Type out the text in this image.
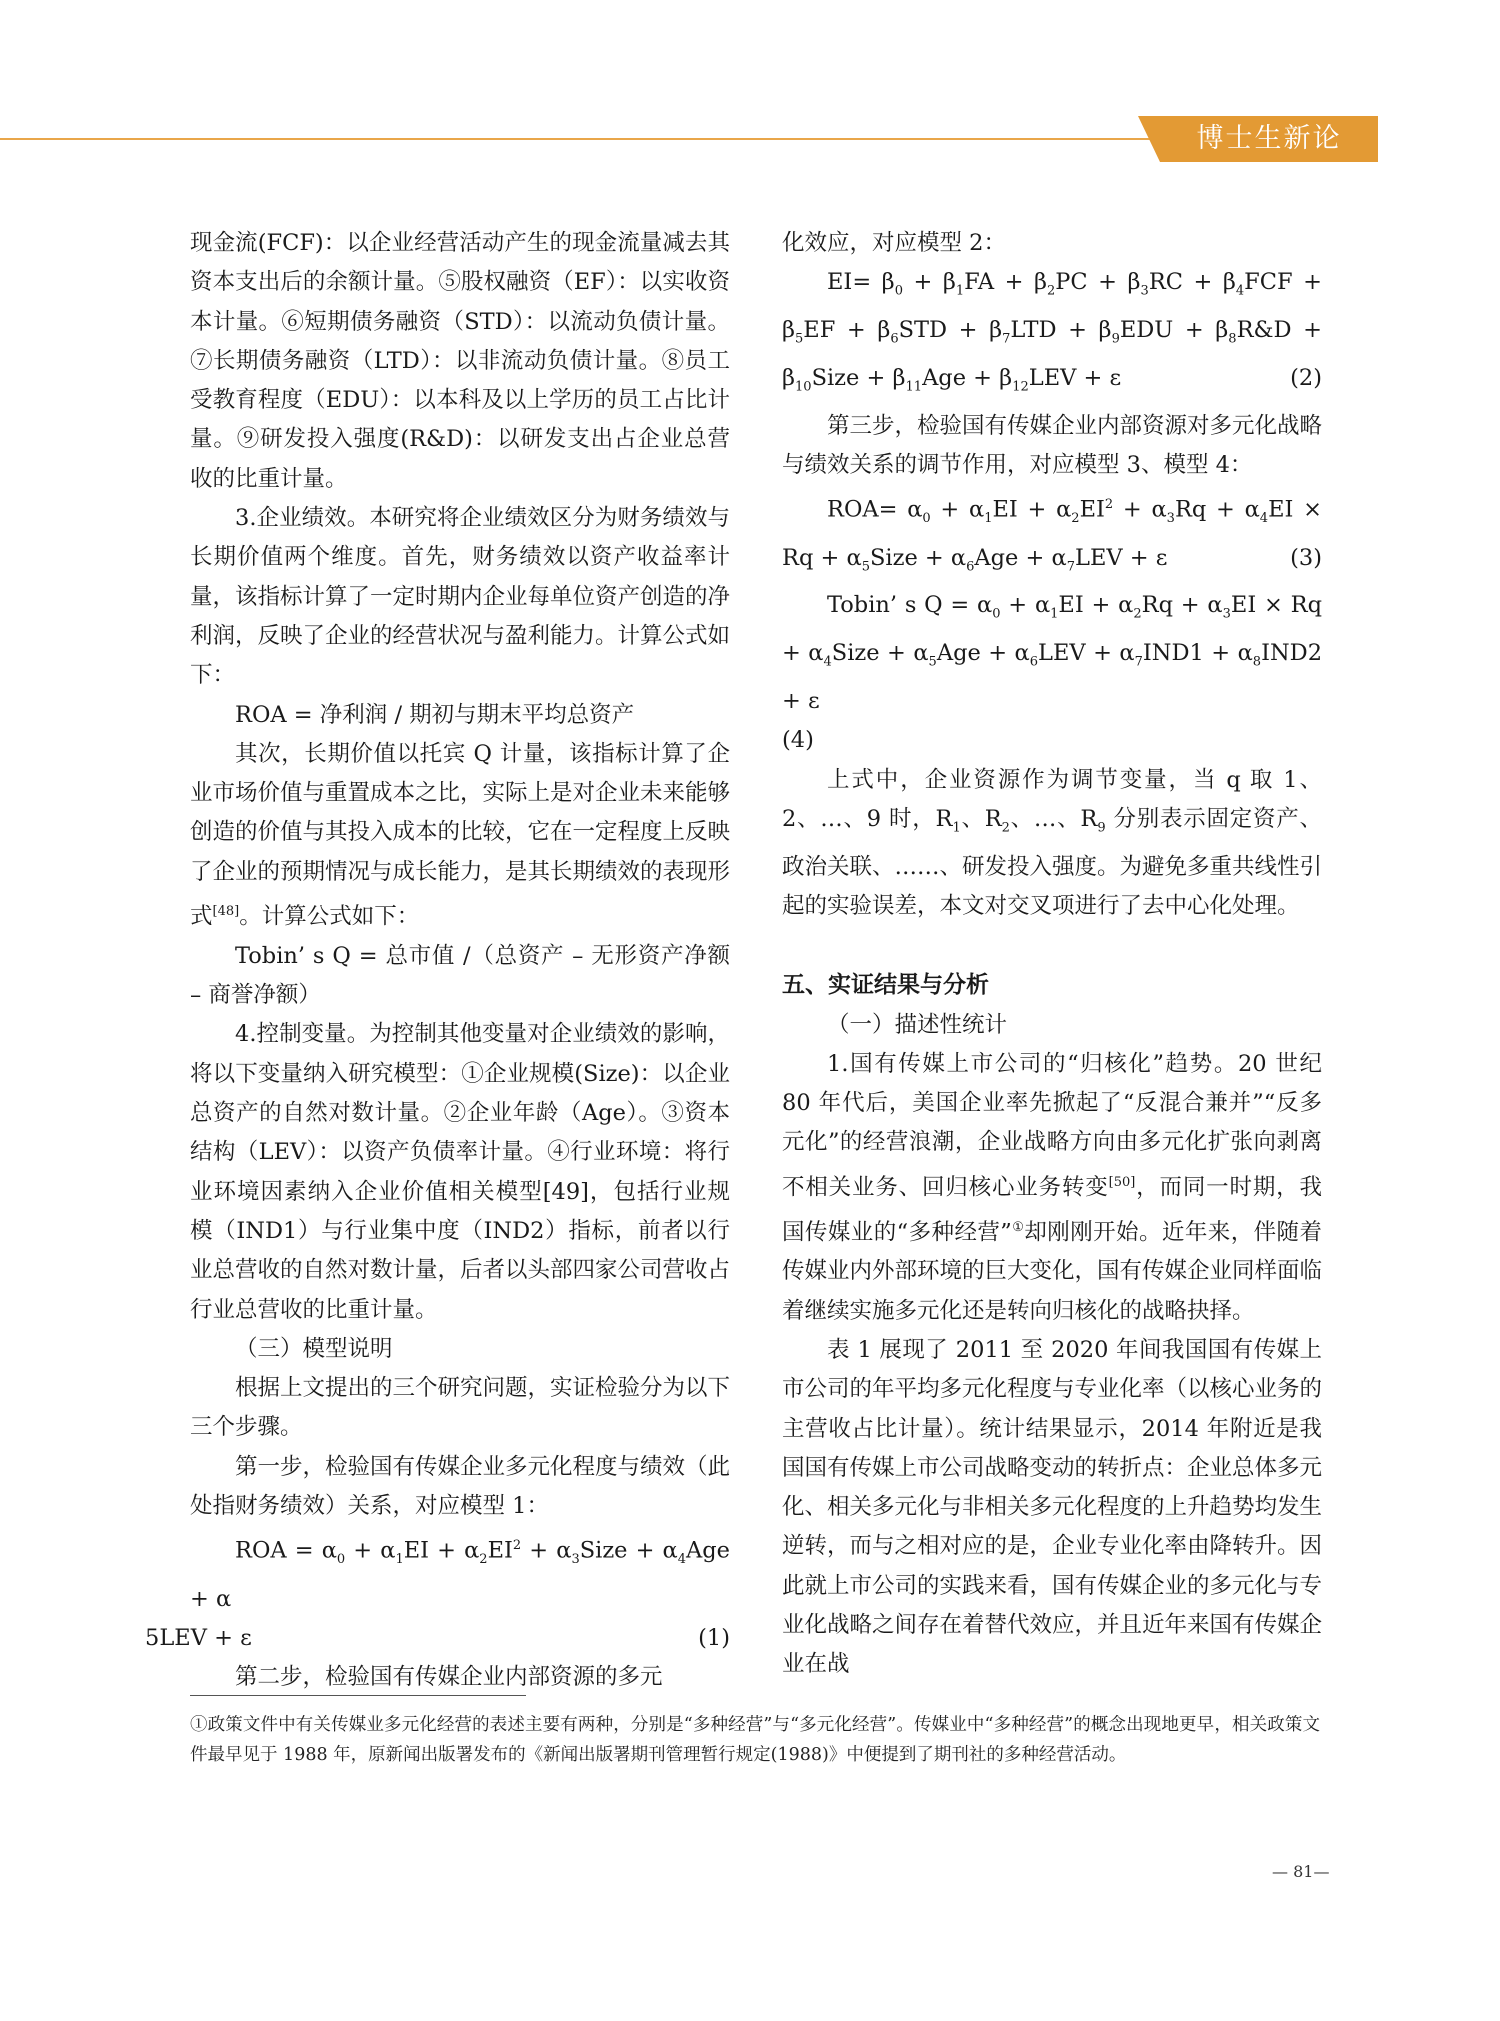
博士生新论

现金流(FCF)：以企业经营活动产生的现金流量减去其资本支出后的余额计量。⑤股权融资（EF）：以实收资本计量。⑥短期债务融资（STD）：以流动负债计量。⑦长期债务融资（LTD）：以非流动负债计量。⑧员工受教育程度（EDU）：以本科及以上学历的员工占比计量。⑨研发投入强度(R&D)：以研发支出占企业总营收的比重计量。

3.企业绩效。本研究将企业绩效区分为财务绩效与长期价值两个维度。首先，财务绩效以资产收益率计量，该指标计算了一定时期内企业每单位资产创造的净利润，反映了企业的经营状况与盈利能力。计算公式如下：

ROA = 净利润 / 期初与期末平均总资产

其次，长期价值以托宾 Q 计量，该指标计算了企业市场价值与重置成本之比，实际上是对企业未来能够创造的价值与其投入成本的比较，它在一定程度上反映了企业的预期情况与成长能力，是其长期绩效的表现形式[48]。计算公式如下：

Tobin’ s Q = 总市值 /（总资产 – 无形资产净额 – 商誉净额）

4.控制变量。为控制其他变量对企业绩效的影响，将以下变量纳入研究模型：①企业规模(Size)：以企业总资产的自然对数计量。②企业年龄（Age）。③资本结构（LEV）：以资产负债率计量。④行业环境：将行业环境因素纳入企业价值相关模型[49]，包括行业规模（IND1）与行业集中度（IND2）指标，前者以行业总营收的自然对数计量，后者以头部四家公司营收占行业总营收的比重计量。

（三）模型说明

根据上文提出的三个研究问题，实证检验分为以下三个步骤。

第一步，检验国有传媒企业多元化程度与绩效（此处指财务绩效）关系，对应模型 1：

ROA = $\alpha_0 + \alpha_1EI + \alpha_2EI^2$ + $\alpha_3Size + \alpha_4Age + \alpha$
5LEV + ε	(1)

第二步，检验国有传媒企业内部资源的多元

化效应，对应模型 2：

$EI= \beta_0 + \beta_1FA + \beta_2PC + \beta_3RC + \beta_4FCF + \beta_5EF + \beta_6STD + \beta_7LTD + \beta_9EDU$ + $\beta_8R\&D$ + $\beta_{10}Size + \beta_{11}Age + \beta_{12}LEV + \varepsilon$	(2)

第三步，检验国有传媒企业内部资源对多元化战略与绩效关系的调节作用，对应模型 3、模型 4：

$ROA= \alpha_0 + \alpha_1EI + \alpha_2EI^2 + \alpha_3Rq + \alpha_4EI \times Rq$ + $\alpha_5Size + \alpha_6Age + \alpha_7LEV + \varepsilon$	(3)

Tobin’ s $Q = \alpha_0 + \alpha_1EI + \alpha_2Rq + \alpha_3EI \times Rq$ + $\alpha_4Size + \alpha_5Age + \alpha_6LEV + \alpha_7IND1 + \alpha_8IND2 + \varepsilon$

(4)

上式中，企业资源作为调节变量，当 q 取 1、2、…、9 时，$R_1$、$R_2$、…、$R_9$ 分别表示固定资产、政治关联、……、研发投入强度。为避免多重共线性引起的实验误差，本文对交叉项进行了去中心化处理。

五、实证结果与分析

（一）描述性统计

1.国有传媒上市公司的“归核化”趋势。20 世纪 80 年代后，美国企业率先掀起了“反混合兼并”“反多元化”的经营浪潮，企业战略方向由多元化扩张向剥离不相关业务、回归核心业务转变[50]，而同一时期，我国传媒业的“多种经营”①却刚刚开始。近年来，伴随着传媒业内外部环境的巨大变化，国有传媒企业同样面临着继续实施多元化还是转向归核化的战略抉择。

表 1 展现了 2011 至 2020 年间我国国有传媒上市公司的年平均多元化程度与专业化率（以核心业务的主营收占比计量）。统计结果显示，2014 年附近是我国国有传媒上市公司战略变动的转折点：企业总体多元化、相关多元化与非相关多元化程度的上升趋势均发生逆转，而与之相对应的是，企业专业化率由降转升。因此就上市公司的实践来看，国有传媒企业的多元化与专业化战略之间存在着替代效应，并且近年来国有传媒企业在战

①政策文件中有关传媒业多元化经营的表述主要有两种，分别是“多种经营”与“多元化经营”。传媒业中“多种经营”的概念出现地更早，相关政策文件最早见于 1988 年，原新闻出版署发布的《新闻出版署期刊管理暂行规定(1988)》中便提到了期刊社的多种经营活动。
— 81—
